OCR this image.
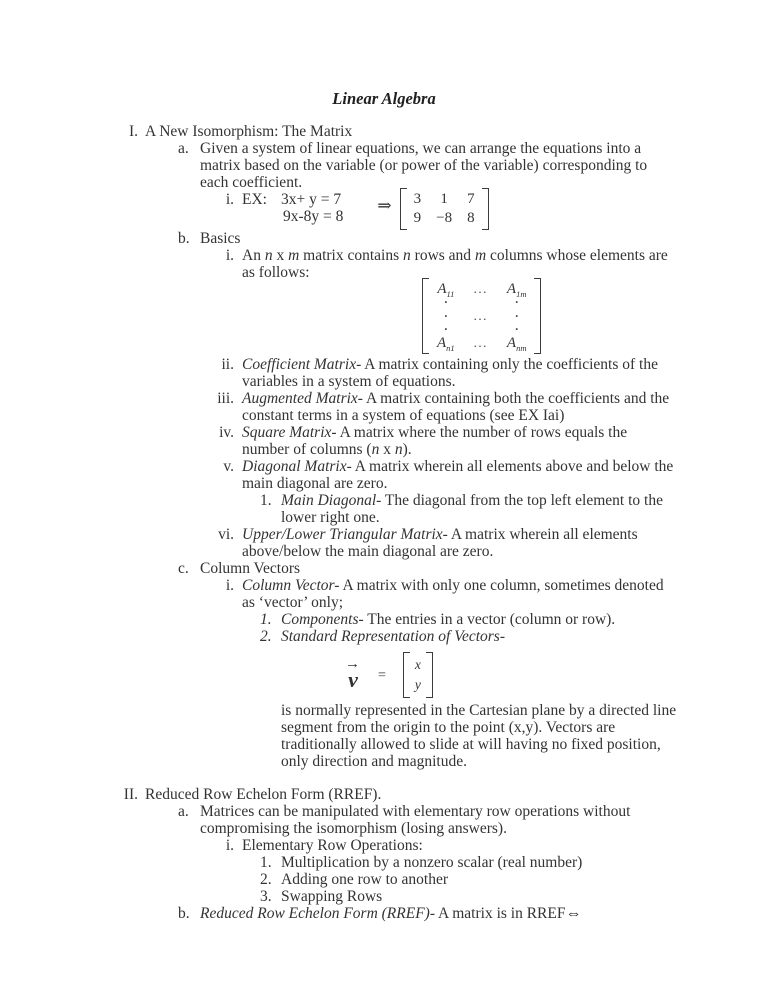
Linear Algebra
I. A New Isomorphism: The Matrix
a. Given a system of linear equations, we can arrange the equations into a matrix based on the variable (or power of the variable) corresponding to each coefficient.
i. EX: 3x+ y = 7
9x-8y = 8
⇒ 3 1 7
9 −8 8
b. Basics
i. An n x m matrix contains n rows and m columns whose elements are as follows:
$A_{11}$ ... $A_{1m}$
·	·
· ... ·
·	·
$A_{n1}$ ... $A_{nm}$
ii. Coefficient Matrix- A matrix containing only the coefficients of the variables in a system of equations.
iii. Augmented Matrix- A matrix containing both the coefficients and the constant terms in a system of equations (see EX Iai)
iv. Square Matrix- A matrix where the number of rows equals the number of columns (n x n).
v. Diagonal Matrix- A matrix wherein all elements above and below the main diagonal are zero.
1. Main Diagonal- The diagonal from the top left element to the lower right one.
vi. Upper/Lower Triangular Matrix- A matrix wherein all elements above/below the main diagonal are zero.
c. Column Vectors
i. Column Vector- A matrix with only one column, sometimes denoted as ‘vector’ only;
1. Components- The entries in a vector (column or row).
2. Standard Representation of Vectors-
→
v =
x
y
is normally represented in the Cartesian plane by a directed line segment from the origin to the point (x,y). Vectors are traditionally allowed to slide at will having no fixed position, only direction and magnitude.
II. Reduced Row Echelon Form (RREF).
a. Matrices can be manipulated with elementary row operations without compromising the isomorphism (losing answers).
i. Elementary Row Operations:
1. Multiplication by a nonzero scalar (real number)
2. Adding one row to another
3. Swapping Rows
b. Reduced Row Echelon Form (RREF)- A matrix is in RREF⇔
